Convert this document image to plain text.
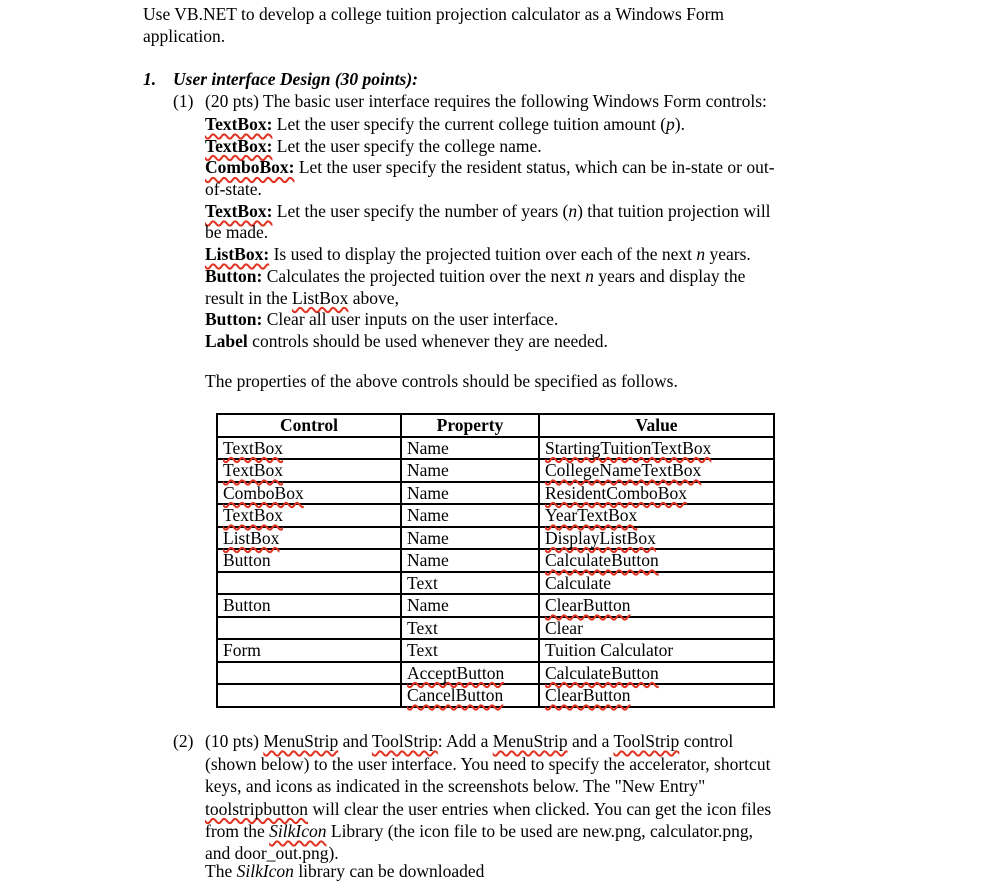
Use VB.NET to develop a college tuition projection calculator as a Windows Form
application.
1. User interface Design (30 points):
(1) (20 pts) The basic user interface requires the following Windows Form controls:
TextBox: Let the user specify the current college tuition amount (p).
TextBox: Let the user specify the college name.
ComboBox: Let the user specify the resident status, which can be in-state or out-
of-state.
TextBox: Let the user specify the number of years (n) that tuition projection will
be made.
ListBox: Is used to display the projected tuition over each of the next n years.
Button: Calculates the projected tuition over the next n years and display the
result in the ListBox above,
Button: Clear all user inputs on the user interface.
Label controls should be used whenever they are needed.
The properties of the above controls should be specified as follows.
Control	Property	Value
TextBox	Name	StartingTuitionTextBox
TextBox	Name	CollegeNameTextBox
ComboBox	Name	ResidentComboBox
TextBox	Name	YearTextBox
ListBox	Name	DisplayListBox
Button	Name	CalculateButton
	Text	Calculate
Button	Name	ClearButton
	Text	Clear
Form	Text	Tuition Calculator
	AcceptButton	CalculateButton
	CancelButton	ClearButton
(2) (10 pts) MenuStrip and ToolStrip: Add a MenuStrip and a ToolStrip control
(shown below) to the user interface. You need to specify the accelerator, shortcut
keys, and icons as indicated in the screenshots below. The "New Entry"
toolstripbutton will clear the user entries when clicked. You can get the icon files
from the SilkIcon Library (the icon file to be used are new.png, calculator.png,
and door_out.png).
The SilkIcon library can be downloaded
